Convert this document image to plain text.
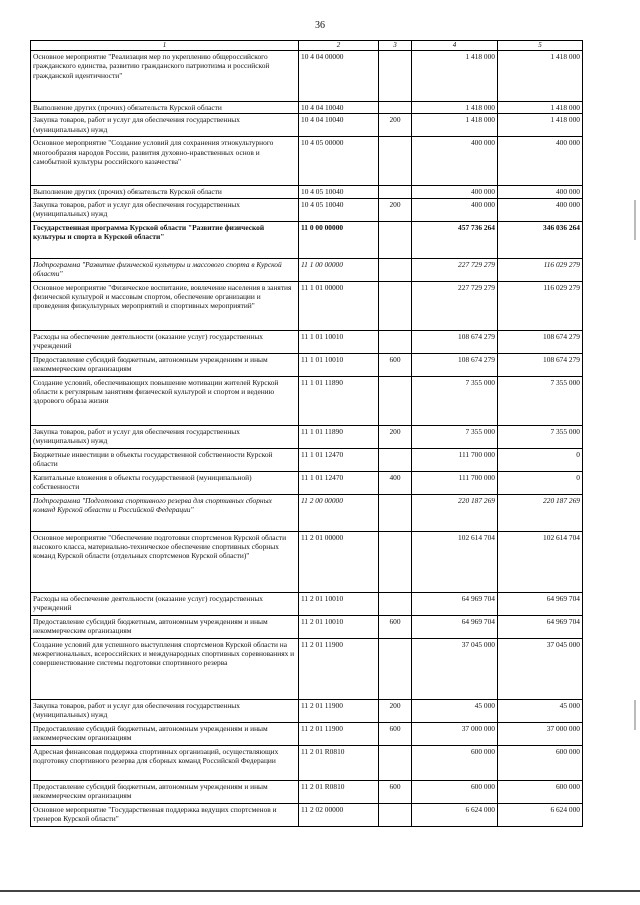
36
1	2	3	4	5
Основное мероприятие "Реализация мер по укреплению общероссийского гражданского единства, развитию гражданского патриотизма и российской гражданской идентичности"	10 4 04 00000		1 418 000	1 418 000
Выполнение других (прочих) обязательств Курской области	10 4 04 10040		1 418 000	1 418 000
Закупка товаров, работ и услуг для обеспечения государственных (муниципальных) нужд	10 4 04 10040	200	1 418 000	1 418 000
Основное мероприятие "Создание условий для сохранения этнокультурного многообразия народов России, развития духовно-нравственных основ и самобытной культуры российского казачества"	10 4 05 00000		400 000	400 000
Выполнение других (прочих) обязательств Курской области	10 4 05 10040		400 000	400 000
Закупка товаров, работ и услуг для обеспечения государственных (муниципальных) нужд	10 4 05 10040	200	400 000	400 000
Государственная программа Курской области "Развитие физической культуры и спорта в Курской области"	11 0 00 00000		457 736 264	346 036 264
Подпрограмма "Развитие физической культуры и массового спорта в Курской области"	11 1 00 00000		227 729 279	116 029 279
Основное мероприятие "Физическое воспитание, вовлечение населения в занятия физической культурой и массовым спортом, обеспечение организации и проведения физкультурных мероприятий и спортивных мероприятий"	11 1 01 00000		227 729 279	116 029 279
Расходы на обеспечение деятельности (оказание услуг) государственных учреждений	11 1 01 10010		108 674 279	108 674 279
Предоставление субсидий бюджетным, автономным учреждениям и иным некоммерческим организациям	11 1 01 10010	600	108 674 279	108 674 279
Создание условий, обеспечивающих повышение мотивации жителей Курской области к регулярным занятиям физической культурой и спортом и ведению здорового образа жизни	11 1 01 11890		7 355 000	7 355 000
Закупка товаров, работ и услуг для обеспечения государственных (муниципальных) нужд	11 1 01 11890	200	7 355 000	7 355 000
Бюджетные инвестиции в объекты государственной собственности Курской области	11 1 01 12470		111 700 000	0
Капитальные вложения в объекты государственной (муниципальной) собственности	11 1 01 12470	400	111 700 000	0
Подпрограмма "Подготовка спортивного резерва для спортивных сборных команд Курской области и Российской Федерации"	11 2 00 00000		220 187 269	220 187 269
Основное мероприятие "Обеспечение подготовки спортсменов Курской области высокого класса, материально-техническое обеспечение спортивных сборных команд Курской области (отдельных спортсменов Курской области)"	11 2 01 00000		102 614 704	102 614 704
Расходы на обеспечение деятельности (оказание услуг) государственных учреждений	11 2 01 10010		64 969 704	64 969 704
Предоставление субсидий бюджетным, автономным учреждениям и иным некоммерческим организациям	11 2 01 10010	600	64 969 704	64 969 704
Создание условий для успешного выступления спортсменов Курской области на межрегиональных, всероссийских и международных спортивных соревнованиях и совершенствование системы подготовки спортивного резерва	11 2 01 11900		37 045 000	37 045 000
Закупка товаров, работ и услуг для обеспечения государственных (муниципальных) нужд	11 2 01 11900	200	45 000	45 000
Предоставление субсидий бюджетным, автономным учреждениям и иным некоммерческим организациям	11 2 01 11900	600	37 000 000	37 000 000
Адресная финансовая поддержка спортивных организаций, осуществляющих подготовку спортивного резерва для сборных команд Российской Федерации	11 2 01 R0810		600 000	600 000
Предоставление субсидий бюджетным, автономным учреждениям и иным некоммерческим организациям	11 2 01 R0810	600	600 000	600 000
Основное мероприятие "Государственная поддержка ведущих спортсменов и тренеров Курской области"	11 2 02 00000		6 624 000	6 624 000
